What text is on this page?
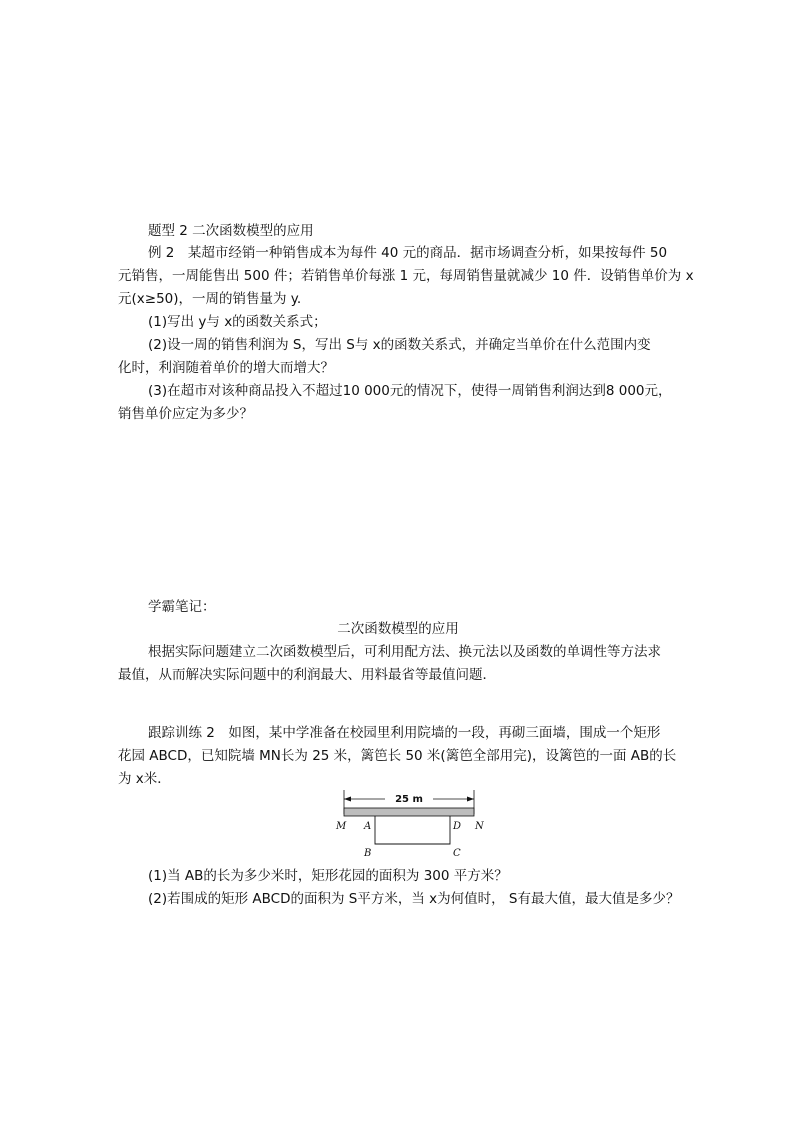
题型 2 二次函数模型的应用
例 2　某超市经销一种销售成本为每件 40 元的商品．据市场调查分析，如果按每件 50
元销售，一周能售出 500 件；若销售单价每涨 1 元，每周销售量就减少 10 件．设销售单价为 x
元(x≥50)，一周的销售量为 y.
(1)写出 y与 x的函数关系式；
(2)设一周的销售利润为 S，写出 S与 x的函数关系式，并确定当单价在什么范围内变
化时，利润随着单价的增大而增大？
(3)在超市对该种商品投入不超过10 000元的情况下，使得一周销售利润达到8 000元，
销售单价应定为多少？
学霸笔记：
二次函数模型的应用
根据实际问题建立二次函数模型后，可利用配方法、换元法以及函数的单调性等方法求
最值，从而解决实际问题中的利润最大、用料最省等最值问题．
跟踪训练 2　如图，某中学准备在校园里利用院墙的一段，再砌三面墙，围成一个矩形
花园 ABCD，已知院墙 MN长为 25 米，篱笆长 50 米(篱笆全部用完)，设篱笆的一面 AB的长
为 x米．
25 m
M A	D N
B	C
(1)当 AB的长为多少米时，矩形花园的面积为 300 平方米？
(2)若围成的矩形 ABCD的面积为 S平方米，当 x为何值时， S有最大值，最大值是多少？
